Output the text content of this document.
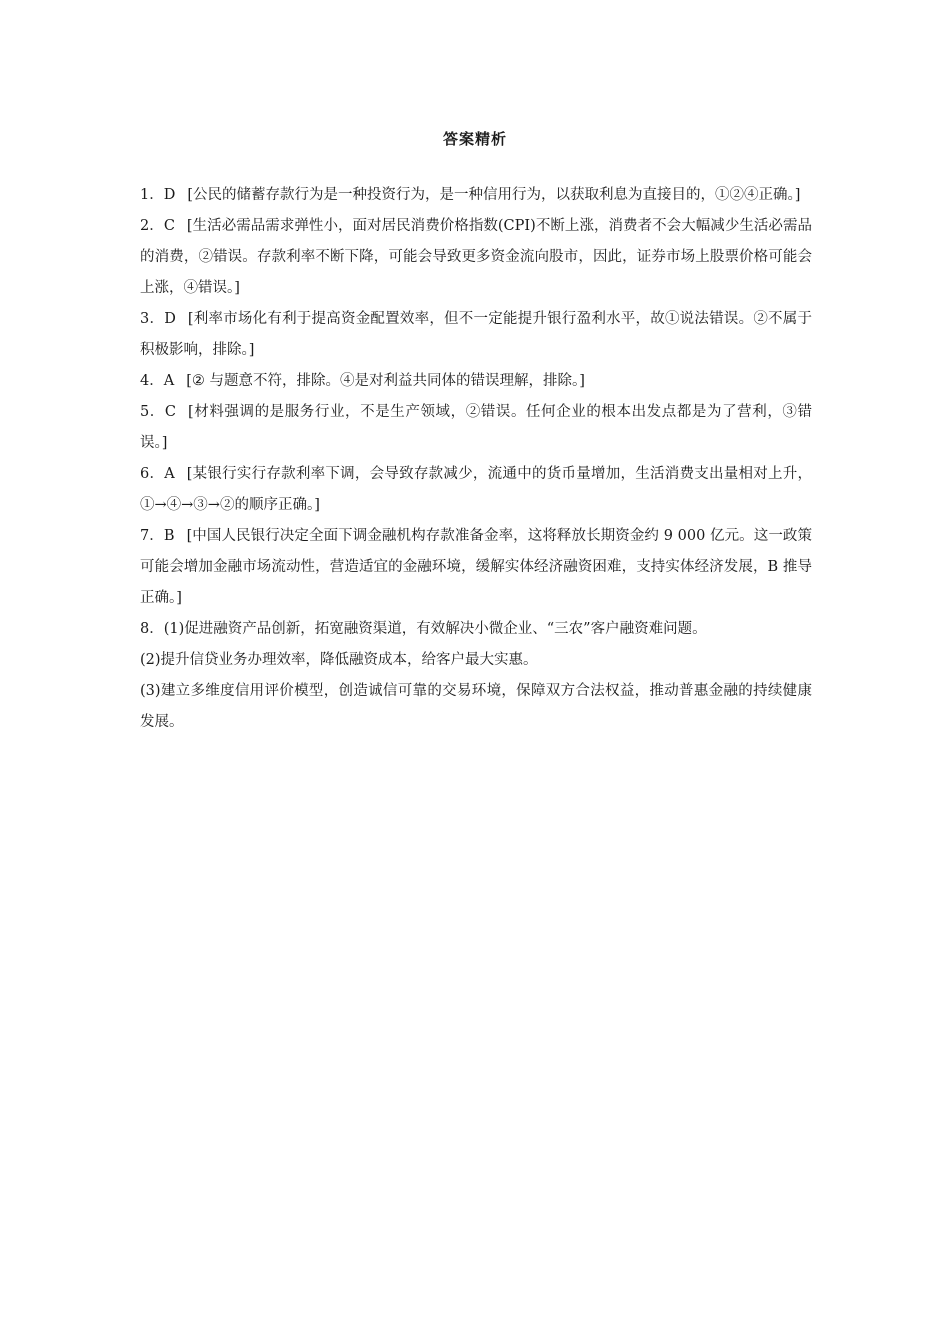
答案精析

1．D [公民的储蓄存款行为是一种投资行为，是一种信用行为，以获取利息为直接目的，①②④正确。]

2．C [生活必需品需求弹性小，面对居民消费价格指数(CPI)不断上涨，消费者不会大幅减少生活必需品的消费，②错误。存款利率不断下降，可能会导致更多资金流向股市，因此，证券市场上股票价格可能会上涨，④错误。]

3．D [利率市场化有利于提高资金配置效率，但不一定能提升银行盈利水平，故①说法错误。②不属于积极影响，排除。]

4．A [② 与题意不符，排除。④是对利益共同体的错误理解，排除。]

5．C [材料强调的是服务行业，不是生产领域，②错误。任何企业的根本出发点都是为了营利，③错误。]

6．A [某银行实行存款利率下调，会导致存款减少，流通中的货币量增加，生活消费支出量相对上升，①→④→③→②的顺序正确。]

7．B [中国人民银行决定全面下调金融机构存款准备金率，这将释放长期资金约 9 000 亿元。这一政策可能会增加金融市场流动性，营造适宜的金融环境，缓解实体经济融资困难，支持实体经济发展，B 推导正确。]

8．(1)促进融资产品创新，拓宽融资渠道，有效解决小微企业、“三农”客户融资难问题。

(2)提升信贷业务办理效率，降低融资成本，给客户最大实惠。

(3)建立多维度信用评价模型，创造诚信可靠的交易环境，保障双方合法权益，推动普惠金融的持续健康发展。
